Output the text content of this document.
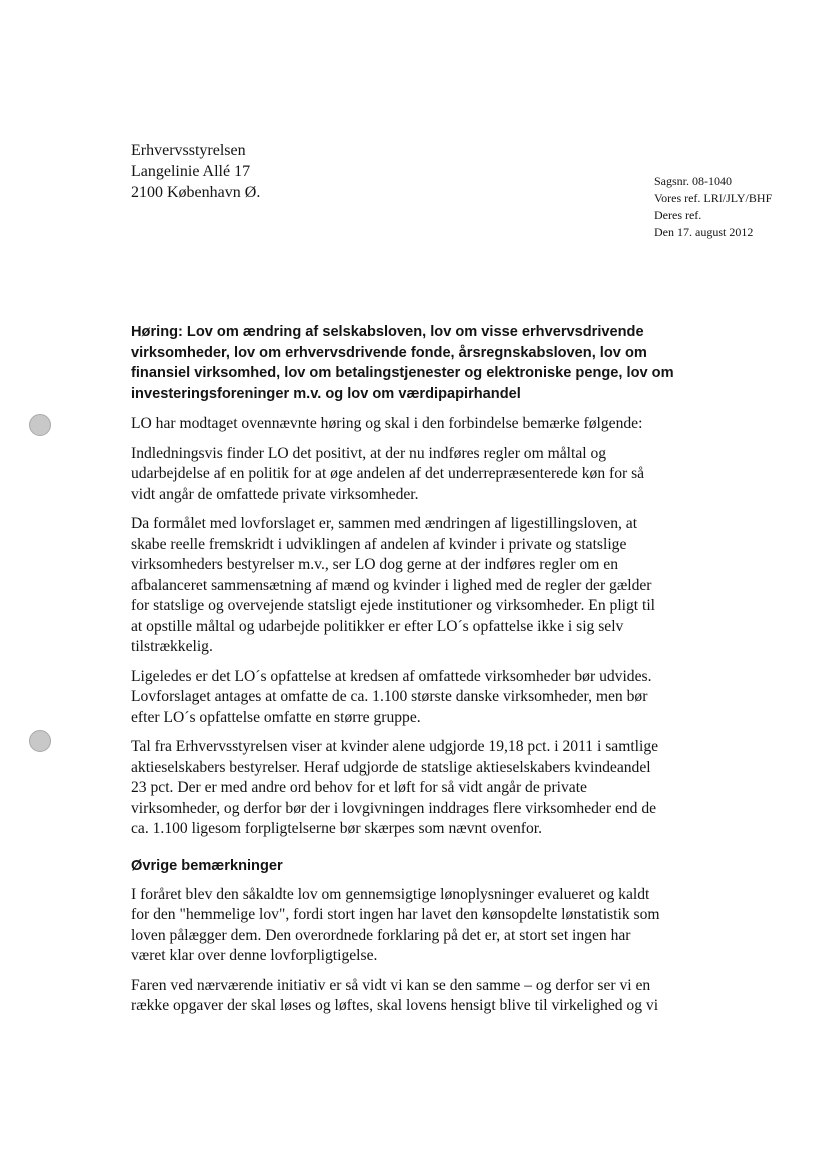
Erhvervsstyrelsen
Langelinie Allé 17
2100 København Ø.
Sagsnr. 08-1040
Vores ref. LRI/JLY/BHF
Deres ref.
Den 17. august 2012
Høring: Lov om ændring af selskabsloven, lov om visse erhvervsdrivende
virksomheder, lov om erhvervsdrivende fonde, årsregnskabsloven, lov om
finansiel virksomhed, lov om betalingstjenester og elektroniske penge, lov om
investeringsforeninger m.v. og lov om værdipapirhandel

LO har modtaget ovennævnte høring og skal i den forbindelse bemærke følgende:

Indledningsvis finder LO det positivt, at der nu indføres regler om måltal og
udarbejdelse af en politik for at øge andelen af det underrepræsenterede køn for så
vidt angår de omfattede private virksomheder.

Da formålet med lovforslaget er, sammen med ændringen af ligestillingsloven, at
skabe reelle fremskridt i udviklingen af andelen af kvinder i private og statslige
virksomheders bestyrelser m.v., ser LO dog gerne at der indføres regler om en
afbalanceret sammensætning af mænd og kvinder i lighed med de regler der gælder
for statslige og overvejende statsligt ejede institutioner og virksomheder. En pligt til
at opstille måltal og udarbejde politikker er efter LO´s opfattelse ikke i sig selv
tilstrækkelig.

Ligeledes er det LO´s opfattelse at kredsen af omfattede virksomheder bør udvides.
Lovforslaget antages at omfatte de ca. 1.100 største danske virksomheder, men bør
efter LO´s opfattelse omfatte en større gruppe.

Tal fra Erhvervsstyrelsen viser at kvinder alene udgjorde 19,18 pct. i 2011 i samtlige
aktieselskabers bestyrelser. Heraf udgjorde de statslige aktieselskabers kvindeandel
23 pct. Der er med andre ord behov for et løft for så vidt angår de private
virksomheder, og derfor bør der i lovgivningen inddrages flere virksomheder end de
ca. 1.100 ligesom forpligtelserne bør skærpes som nævnt ovenfor.

Øvrige bemærkninger

I foråret blev den såkaldte lov om gennemsigtige lønoplysninger evalueret og kaldt
for den "hemmelige lov", fordi stort ingen har lavet den kønsopdelte lønstatistik som
loven pålægger dem. Den overordnede forklaring på det er, at stort set ingen har
været klar over denne lovforpligtigelse.

Faren ved nærværende initiativ er så vidt vi kan se den samme – og derfor ser vi en
række opgaver der skal løses og løftes, skal lovens hensigt blive til virkelighed og vi
